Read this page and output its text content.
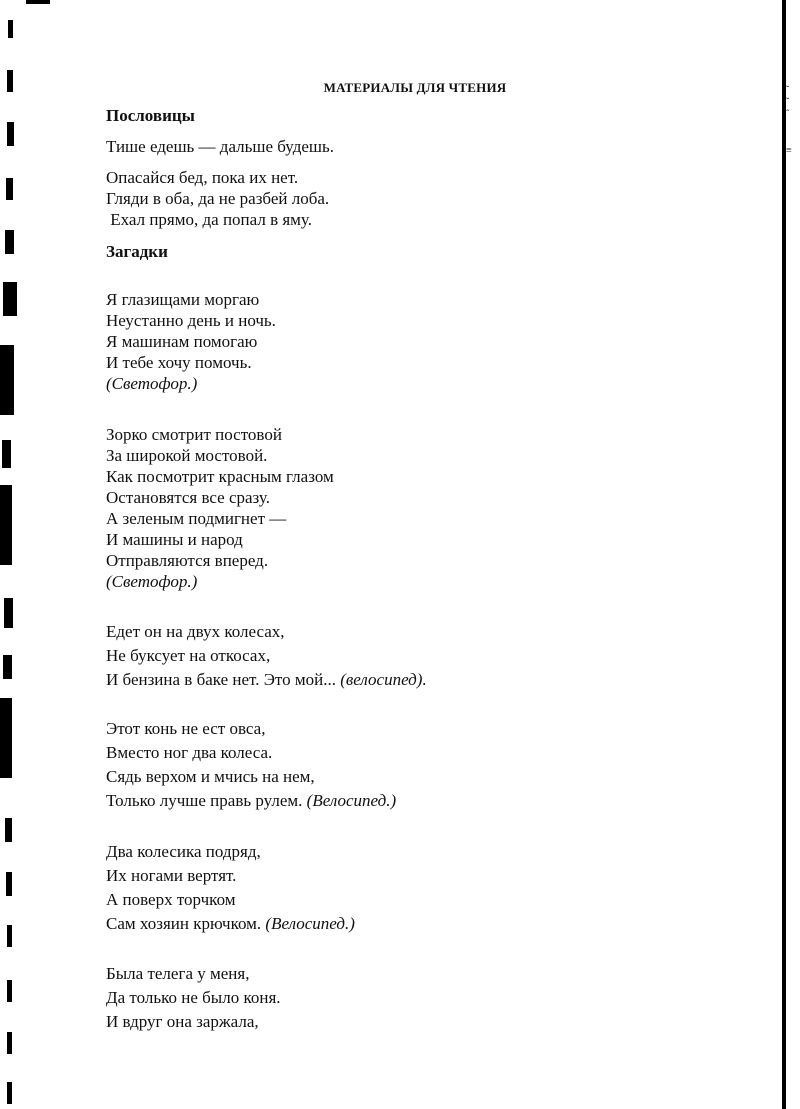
ˇ
ˇ
ˆ

≡
МАТЕРИАЛЫ ДЛЯ ЧТЕНИЯ
Пословицы
Тише едешь — дальше будешь.
Опасайся бед, пока их нет.
Гляди в оба, да не разбей лоба.
Ехал прямо, да попал в яму.
Загадки
Я глазищами моргаю
Неустанно день и ночь.
Я машинам помогаю
И тебе хочу помочь.
(Светофор.)
Зорко смотрит постовой
За широкой мостовой.
Как посмотрит красным глазом
Остановятся все сразу.
А зеленым подмигнет —
И машины и народ
Отправляются вперед.
(Светофор.)
Едет он на двух колесах,
Не буксует на откосах,
И бензина в баке нет. Это мой... (велосипед).
Этот конь не ест овса,
Вместо ног два колеса.
Сядь верхом и мчись на нем,
Только лучше правь рулем. (Велосипед.)
Два колесика подряд,
Их ногами вертят.
А поверх торчком
Сам хозяин крючком. (Велосипед.)
Была телега у меня,
Да только не было коня.
И вдруг она заржала,
